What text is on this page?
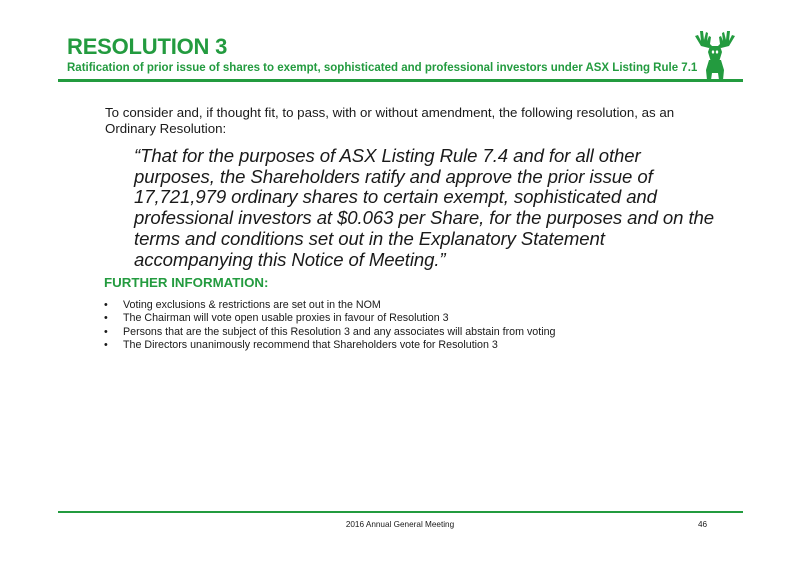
RESOLUTION 3

Ratification of prior issue of shares to exempt, sophisticated and professional investors under ASX Listing Rule 7.1

To consider and, if thought fit, to pass, with or without amendment, the following resolution, as an Ordinary Resolution:

“That for the purposes of ASX Listing Rule 7.4 and for all other purposes, the Shareholders ratify and approve the prior issue of 17,721,979 ordinary shares to certain exempt, sophisticated and professional investors at $0.063 per Share, for the purposes and on the terms and conditions set out in the Explanatory Statement accompanying this Notice of Meeting.”

FURTHER INFORMATION:
• Voting exclusions & restrictions are set out in the NOM
• The Chairman will vote open usable proxies in favour of Resolution 3
• Persons that are the subject of this Resolution 3 and any associates will abstain from voting
• The Directors unanimously recommend that Shareholders vote for Resolution 3
2016 Annual General Meeting	46
